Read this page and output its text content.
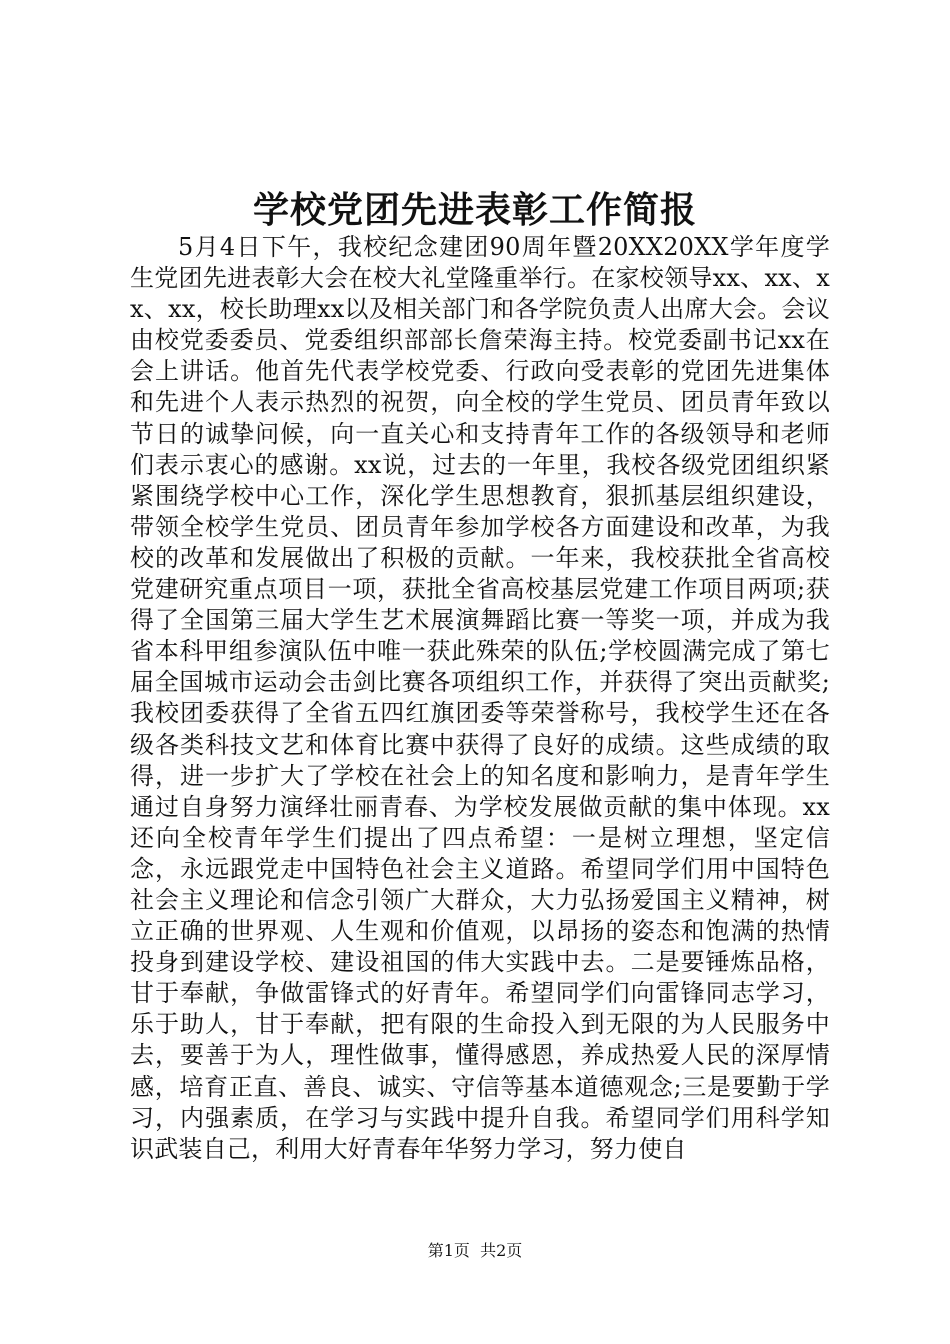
学校党团先进表彰工作简报

5月4日下午，我校纪念建团90周年暨20XX20XX学年度学生党团先进表彰大会在校大礼堂隆重举行。在家校领导xx、xx、xx、xx，校长助理xx以及相关部门和各学院负责人出席大会。会议由校党委委员、党委组织部部长詹荣海主持。校党委副书记xx在会上讲话。他首先代表学校党委、行政向受表彰的党团先进集体和先进个人表示热烈的祝贺，向全校的学生党员、团员青年致以节日的诚挚问候，向一直关心和支持青年工作的各级领导和老师们表示衷心的感谢。xx说，过去的一年里，我校各级党团组织紧紧围绕学校中心工作，深化学生思想教育，狠抓基层组织建设，带领全校学生党员、团员青年参加学校各方面建设和改革，为我校的改革和发展做出了积极的贡献。一年来，我校获批全省高校党建研究重点项目一项，获批全省高校基层党建工作项目两项;获得了全国第三届大学生艺术展演舞蹈比赛一等奖一项，并成为我省本科甲组参演队伍中唯一获此殊荣的队伍;学校圆满完成了第七届全国城市运动会击剑比赛各项组织工作，并获得了突出贡献奖;我校团委获得了全省五四红旗团委等荣誉称号，我校学生还在各级各类科技文艺和体育比赛中获得了良好的成绩。这些成绩的取得，进一步扩大了学校在社会上的知名度和影响力，是青年学生通过自身努力演绎壮丽青春、为学校发展做贡献的集中体现。xx还向全校青年学生们提出了四点希望：一是树立理想，坚定信念，永远跟党走中国特色社会主义道路。希望同学们用中国特色社会主义理论和信念引领广大群众，大力弘扬爱国主义精神，树立正确的世界观、人生观和价值观，以昂扬的姿态和饱满的热情投身到建设学校、建设祖国的伟大实践中去。二是要锤炼品格，甘于奉献，争做雷锋式的好青年。希望同学们向雷锋同志学习，乐于助人，甘于奉献，把有限的生命投入到无限的为人民服务中去，要善于为人，理性做事，懂得感恩，养成热爱人民的深厚情感，培育正直、善良、诚实、守信等基本道德观念;三是要勤于学习，内强素质，在学习与实践中提升自我。希望同学们用科学知识武装自己，利用大好青春年华努力学习，努力使自

第1页 共2页
